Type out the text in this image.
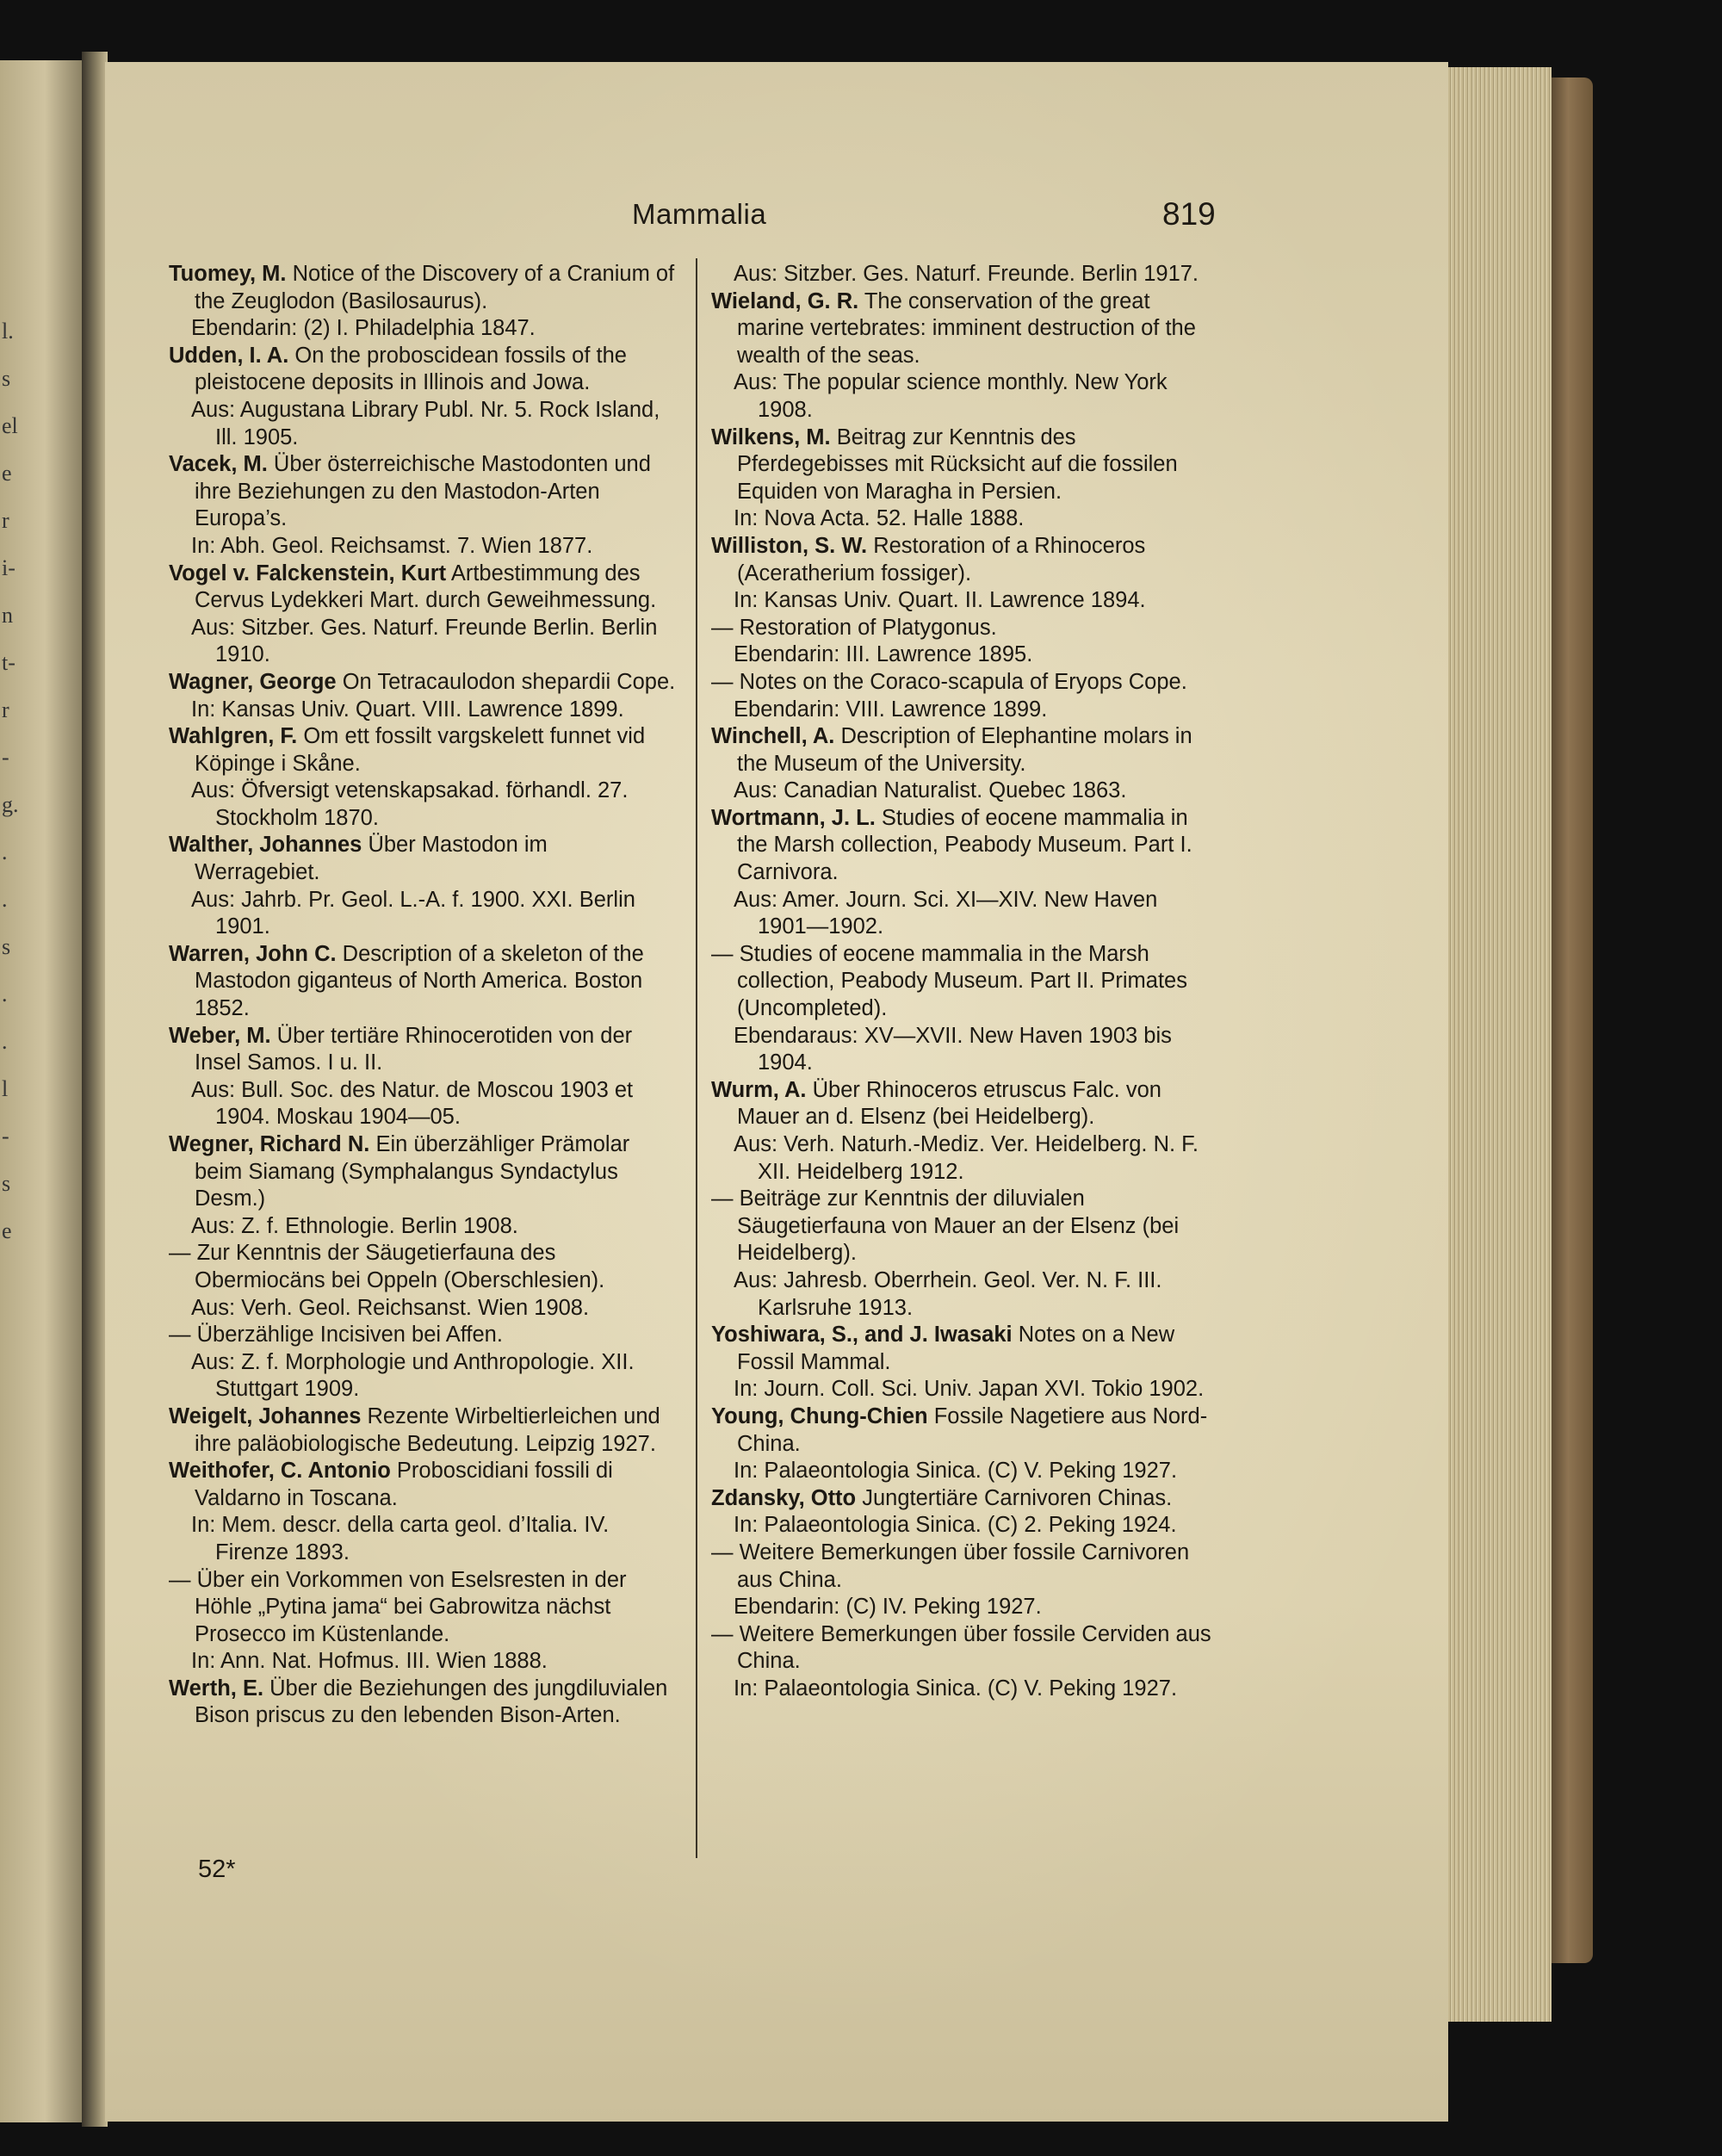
l.
s
el
e
r
i-
n
t-
r
-
g.
.
.
s
.
.
l
-
s
e
Mammalia	819
Tuomey, M. Notice of the Discovery of a Cranium of the Zeuglodon (Basilosaurus).
Ebendarin: (2) I. Philadelphia 1847.
Udden, I. A. On the proboscidean fossils of the pleistocene deposits in Illinois and Jowa.
Aus: Augustana Library Publ. Nr. 5. Rock Island, Ill. 1905.
Vacek, M. Über österreichische Mastodonten und ihre Beziehungen zu den Mastodon-Arten Europa’s.
In: Abh. Geol. Reichsamst. 7. Wien 1877.
Vogel v. Falckenstein, Kurt Artbestimmung des Cervus Lydekkeri Mart. durch Geweihmessung.
Aus: Sitzber. Ges. Naturf. Freunde Berlin. Berlin 1910.
Wagner, George On Tetracaulodon shepardii Cope.
In: Kansas Univ. Quart. VIII. Lawrence 1899.
Wahlgren, F. Om ett fossilt vargskelett funnet vid Köpinge i Skåne.
Aus: Öfversigt vetenskapsakad. förhandl. 27. Stockholm 1870.
Walther, Johannes Über Mastodon im Werragebiet.
Aus: Jahrb. Pr. Geol. L.-A. f. 1900. XXI. Berlin 1901.
Warren, John C. Description of a skeleton of the Mastodon giganteus of North America. Boston 1852.
Weber, M. Über tertiäre Rhinocerotiden von der Insel Samos. I u. II.
Aus: Bull. Soc. des Natur. de Moscou 1903 et 1904. Moskau 1904—05.
Wegner, Richard N. Ein überzähliger Prämolar beim Siamang (Symphalangus Syndactylus Desm.)
Aus: Z. f. Ethnologie. Berlin 1908.
— Zur Kenntnis der Säugetierfauna des Obermiocäns bei Oppeln (Oberschlesien).
Aus: Verh. Geol. Reichsanst. Wien 1908.
— Überzählige Incisiven bei Affen.
Aus: Z. f. Morphologie und Anthropologie. XII. Stuttgart 1909.
Weigelt, Johannes Rezente Wirbeltierleichen und ihre paläobiologische Bedeutung. Leipzig 1927.
Weithofer, C. Antonio Proboscidiani fossili di Valdarno in Toscana.
In: Mem. descr. della carta geol. d’Italia. IV. Firenze 1893.
— Über ein Vorkommen von Eselsresten in der Höhle „Pytina jama“ bei Gabrowitza nächst Prosecco im Küstenlande.
In: Ann. Nat. Hofmus. III. Wien 1888.
Werth, E. Über die Beziehungen des jungdiluvialen Bison priscus zu den lebenden Bison-Arten.
Aus: Sitzber. Ges. Naturf. Freunde. Berlin 1917.
Wieland, G. R. The conservation of the great marine vertebrates: imminent destruction of the wealth of the seas.
Aus: The popular science monthly. New York 1908.
Wilkens, M. Beitrag zur Kenntnis des Pferdegebisses mit Rücksicht auf die fossilen Equiden von Maragha in Persien.
In: Nova Acta. 52. Halle 1888.
Williston, S. W. Restoration of a Rhinoceros (Aceratherium fossiger).
In: Kansas Univ. Quart. II. Lawrence 1894.
— Restoration of Platygonus.
Ebendarin: III. Lawrence 1895.
— Notes on the Coraco-scapula of Eryops Cope.
Ebendarin: VIII. Lawrence 1899.
Winchell, A. Description of Elephantine molars in the Museum of the University.
Aus: Canadian Naturalist. Quebec 1863.
Wortmann, J. L. Studies of eocene mammalia in the Marsh collection, Peabody Museum. Part I. Carnivora.
Aus: Amer. Journ. Sci. XI—XIV. New Haven 1901—1902.
— Studies of eocene mammalia in the Marsh collection, Peabody Museum. Part II. Primates (Uncompleted).
Ebendaraus: XV—XVII. New Haven 1903 bis 1904.
Wurm, A. Über Rhinoceros etruscus Falc. von Mauer an d. Elsenz (bei Heidelberg).
Aus: Verh. Naturh.-Mediz. Ver. Heidelberg. N. F. XII. Heidelberg 1912.
— Beiträge zur Kenntnis der diluvialen Säugetierfauna von Mauer an der Elsenz (bei Heidelberg).
Aus: Jahresb. Oberrhein. Geol. Ver. N. F. III. Karlsruhe 1913.
Yoshiwara, S., and J. Iwasaki Notes on a New Fossil Mammal.
In: Journ. Coll. Sci. Univ. Japan XVI. Tokio 1902.
Young, Chung-Chien Fossile Nagetiere aus Nord-China.
In: Palaeontologia Sinica. (C) V. Peking 1927.
Zdansky, Otto Jungtertiäre Carnivoren Chinas.
In: Palaeontologia Sinica. (C) 2. Peking 1924.
— Weitere Bemerkungen über fossile Carnivoren aus China.
Ebendarin: (C) IV. Peking 1927.
— Weitere Bemerkungen über fossile Cerviden aus China.
In: Palaeontologia Sinica. (C) V. Peking 1927.
52*
